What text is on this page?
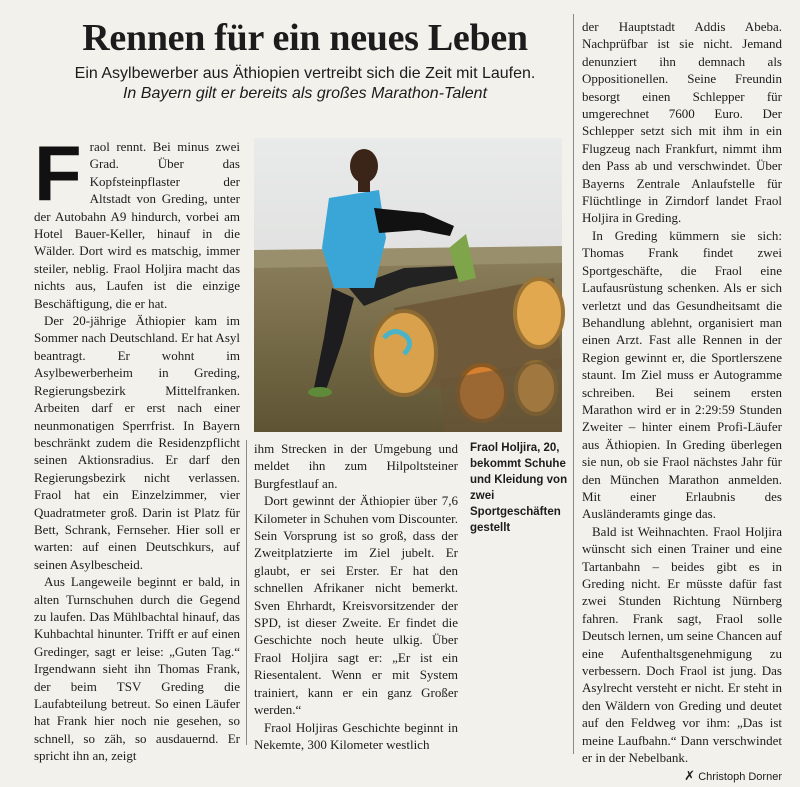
Rennen für ein neues Leben

Ein Asylbewerber aus Äthiopien vertreibt sich die Zeit mit Laufen.

In Bayern gilt er bereits als großes Marathon-Talent

F raol rennt. Bei minus zwei Grad. Über das Kopfsteinpflaster der Altstadt von Greding, unter der Autobahn A9 hindurch, vorbei am Hotel Bauer-Keller, hinauf in die Wälder. Dort wird es matschig, immer steiler, neblig. Fraol Holjira macht das nichts aus, Laufen ist die einzige Beschäftigung, die er hat.

Der 20-jährige Äthiopier kam im Sommer nach Deutschland. Er hat Asyl beantragt. Er wohnt im Asylbewerberheim in Greding, Regierungsbezirk Mittelfranken. Arbeiten darf er erst nach einer neunmonatigen Sperrfrist. In Bayern beschränkt zudem die Residenzpflicht seinen Aktionsradius. Er darf den Regierungsbezirk nicht verlassen. Fraol hat ein Einzelzimmer, vier Quadratmeter groß. Darin ist Platz für Bett, Schrank, Fernseher. Hier soll er warten: auf einen Deutschkurs, auf seinen Asylbescheid.

Aus Langeweile beginnt er bald, in alten Turnschuhen durch die Gegend zu laufen. Das Mühlbachtal hinauf, das Kuhbachtal hinunter. Trifft er auf einen Gredinger, sagt er leise: „Guten Tag.“ Irgendwann sieht ihn Thomas Frank, der beim TSV Greding die Laufabteilung betreut. So einen Läufer hat Frank hier noch nie gesehen, so schnell, so zäh, so ausdauernd. Er spricht ihn an, zeigt

Fraol Holjira, 20, bekommt Schuhe und Kleidung von zwei Sportgeschäften gestellt

ihm Strecken in der Umgebung und meldet ihn zum Hilpoltsteiner Burgfestlauf an.

Dort gewinnt der Äthiopier über 7,6 Kilometer in Schuhen vom Discounter. Sein Vorsprung ist so groß, dass der Zweitplatzierte im Ziel jubelt. Er glaubt, er sei Erster. Er hat den schnellen Afrikaner nicht bemerkt. Sven Ehrhardt, Kreisvorsitzender der SPD, ist dieser Zweite. Er findet die Geschichte noch heute ulkig. Über Fraol Holjira sagt er: „Er ist ein Riesentalent. Wenn er mit System trainiert, kann er ein ganz Großer werden.“

Fraol Holjiras Geschichte beginnt in Nekemte, 300 Kilometer westlich

der Hauptstadt Addis Abeba. Nachprüfbar ist sie nicht. Jemand denunziert ihn demnach als Oppositionellen. Seine Freundin besorgt einen Schlepper für umgerechnet 7600 Euro. Der Schlepper setzt sich mit ihm in ein Flugzeug nach Frankfurt, nimmt ihm den Pass ab und verschwindet. Über Bayerns Zentrale Anlaufstelle für Flüchtlinge in Zirndorf landet Fraol Holjira in Greding.

In Greding kümmern sie sich: Thomas Frank findet zwei Sportgeschäfte, die Fraol eine Laufausrüstung schenken. Als er sich verletzt und das Gesundheitsamt die Behandlung ablehnt, organisiert man einen Arzt. Fast alle Rennen in der Region gewinnt er, die Sportlerszene staunt. Im Ziel muss er Autogramme schreiben. Bei seinem ersten Marathon wird er in 2:29:59 Stunden Zweiter – hinter einem Profi-Läufer aus Äthiopien. In Greding überlegen sie nun, ob sie Fraol nächstes Jahr für den München Marathon anmelden. Mit einer Erlaubnis des Ausländeramts ginge das.

Bald ist Weihnachten. Fraol Holjira wünscht sich einen Trainer und eine Tartanbahn – beides gibt es in Greding nicht. Er müsste dafür fast zwei Stunden Richtung Nürnberg fahren. Frank sagt, Fraol solle Deutsch lernen, um seine Chancen auf eine Aufenthaltsgenehmigung zu verbessern. Doch Fraol ist jung. Das Asylrecht versteht er nicht. Er steht in den Wäldern von Greding und deutet auf den Feldweg vor ihm: „Das ist meine Laufbahn.“ Dann verschwindet er in der Nebelbank.

✗ Christoph Dorner
